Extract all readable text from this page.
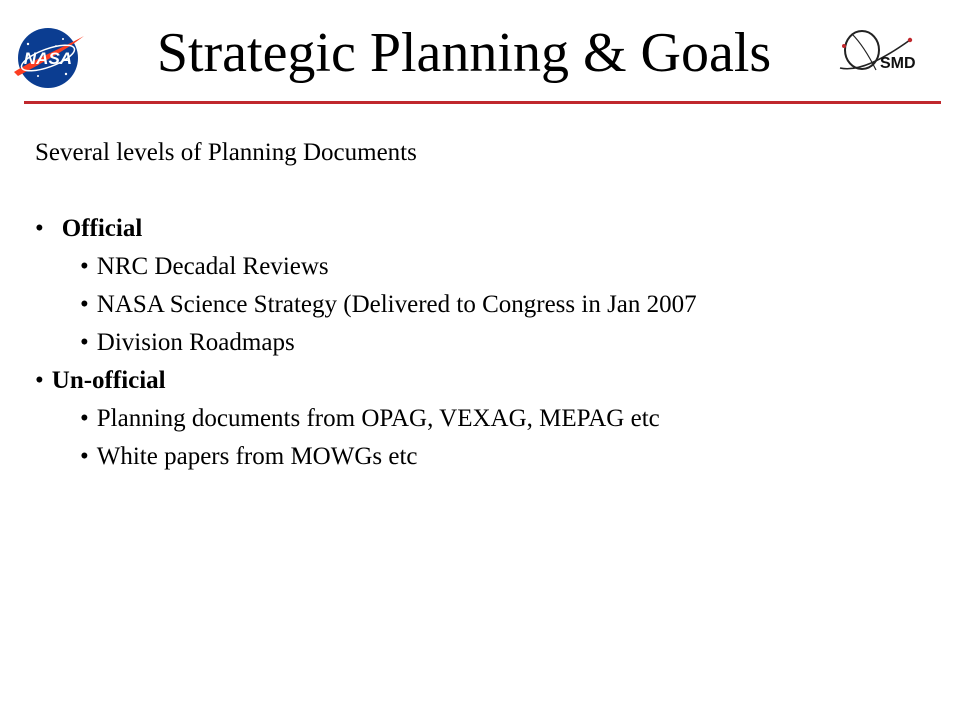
NASA	Strategic Planning & Goals	SMD
Several levels of Planning Documents
• Official
• NRC Decadal Reviews
• NASA Science Strategy (Delivered to Congress in Jan 2007
• Division Roadmaps
• Un-official
• Planning documents from OPAG, VEXAG, MEPAG etc
• White papers from MOWGs etc
